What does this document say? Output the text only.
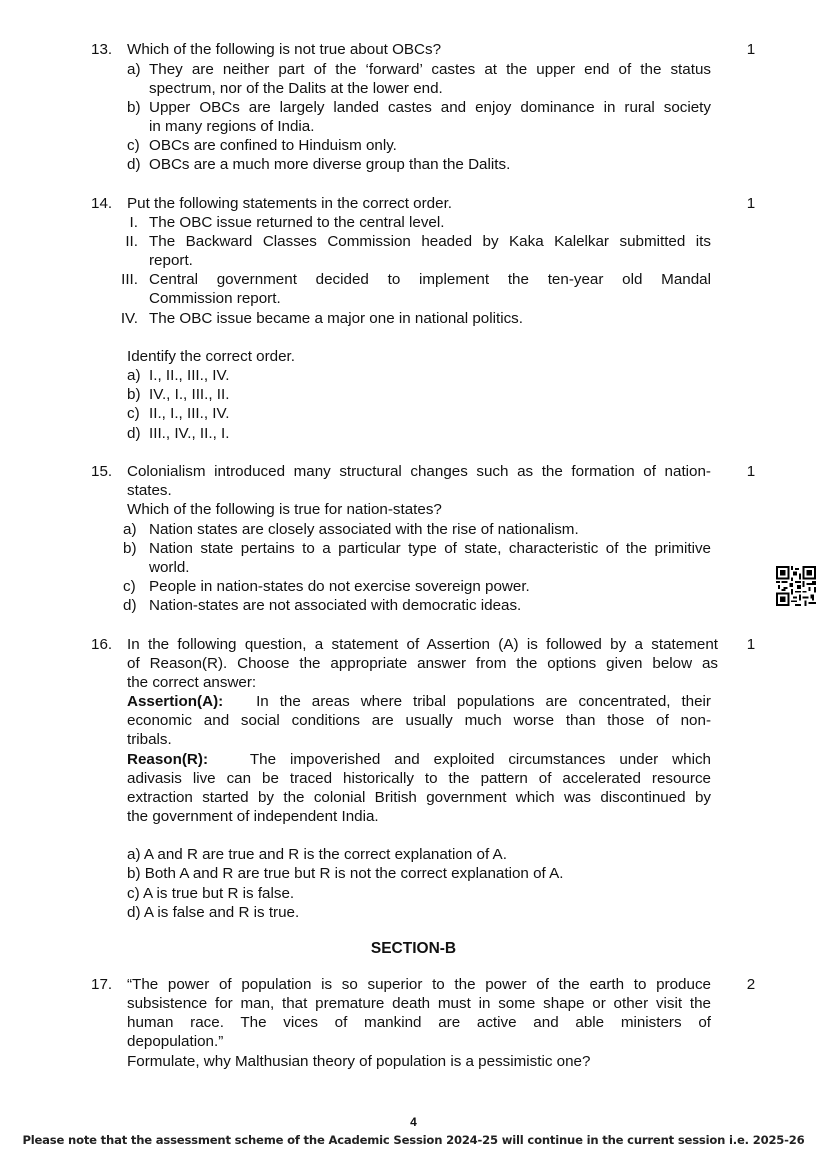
13. Which of the following is not true about OBCs?	1
a) They are neither part of the ‘forward’ castes at the upper end of the status
spectrum, nor of the Dalits at the lower end.
b) Upper OBCs are largely landed castes and enjoy dominance in rural society
in many regions of India.
c) OBCs are confined to Hinduism only.
d) OBCs are a much more diverse group than the Dalits.
14. Put the following statements in the correct order.	1
I. The OBC issue returned to the central level.
II. The Backward Classes Commission headed by Kaka Kalelkar submitted its
report.
III. Central government decided to implement the ten-year old Mandal
Commission report.
IV. The OBC issue became a major one in national politics.
Identify the correct order.
a) I., II., III., IV.
b) IV., I., III., II.
c) II., I., III., IV.
d) III., IV., II., I.
15. Colonialism introduced many structural changes such as the formation of nation- 1
states.
Which of the following is true for nation-states?
a) Nation states are closely associated with the rise of nationalism.
b) Nation state pertains to a particular type of state, characteristic of the primitive
world.
c) People in nation-states do not exercise sovereign power.
d) Nation-states are not associated with democratic ideas.
16. In the following question, a statement of Assertion (A) is followed by a statement 1
of Reason(R). Choose the appropriate answer from the options given below as
the correct answer:
Assertion(A): In the areas where tribal populations are concentrated, their
economic and social conditions are usually much worse than those of non-
tribals.
Reason(R):	The impoverished and exploited circumstances under which
adivasis live can be traced historically to the pattern of accelerated resource
extraction started by the colonial British government which was discontinued by
the government of independent India.
a) A and R are true and R is the correct explanation of A.
b) Both A and R are true but R is not the correct explanation of A.
c) A is true but R is false.
d) A is false and R is true.
SECTION-B
17. “The power of population is so superior to the power of the earth to produce 2
subsistence for man, that premature death must in some shape or other visit the
human race. The vices of mankind are active and able ministers of
depopulation.”
Formulate, why Malthusian theory of population is a pessimistic one?
4
Please note that the assessment scheme of the Academic Session 2024-25 will continue in the current session i.e. 2025-26
